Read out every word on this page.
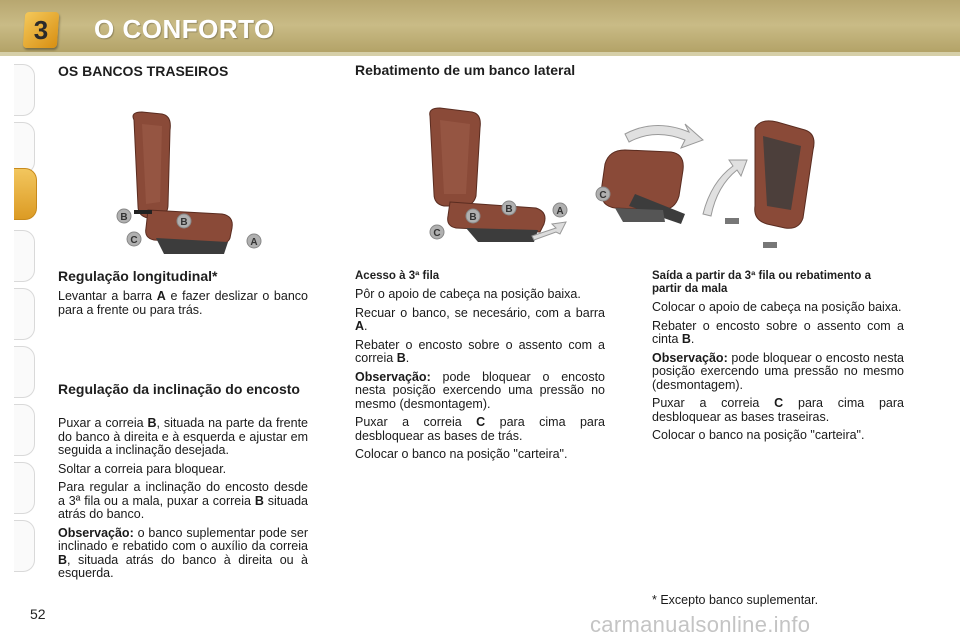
3	O CONFORTO
OS BANCOS TRASEIROS	Rebatimento de um banco lateral
B	B
C	A
B
B
C
A
C
Regulação longitudinal*

Levantar a barra A e fazer deslizar o banco para a frente ou para trás.

Regulação da inclinação do encosto

Puxar a correia B, situada na parte da frente do banco à direita e à esquerda e ajustar em seguida a inclinação desejada.

Soltar a correia para bloquear.

Para regular a inclinação do encosto desde a 3ª fila ou a mala, puxar a correia B situada atrás do banco.

Observação: o banco suplementar pode ser inclinado e rebatido com o auxílio da correia B, situada atrás do banco à direita ou à esquerda.

Acesso à 3ª fila

Pôr o apoio de cabeça na posição baixa.

Recuar o banco, se necesário, com a barra A.

Rebater o encosto sobre o assento com a correia B.

Observação: pode bloquear o encosto nesta posição exercendo uma pressão no mesmo (desmontagem).

Puxar a correia C para cima para desbloquear as bases de trás.

Colocar o banco na posição "carteira".

Saída a partir da 3ª fila ou rebatimento a partir da mala

Colocar o apoio de cabeça na posição baixa.

Rebater o encosto sobre o assento com a cinta B.

Observação: pode bloquear o encosto nesta posição exercendo uma pressão no mesmo (desmontagem).

Puxar a correia C para cima para desbloquear as bases traseiras.

Colocar o banco na posição "carteira".

* Excepto banco suplementar.
52	carmanualsonline.info
